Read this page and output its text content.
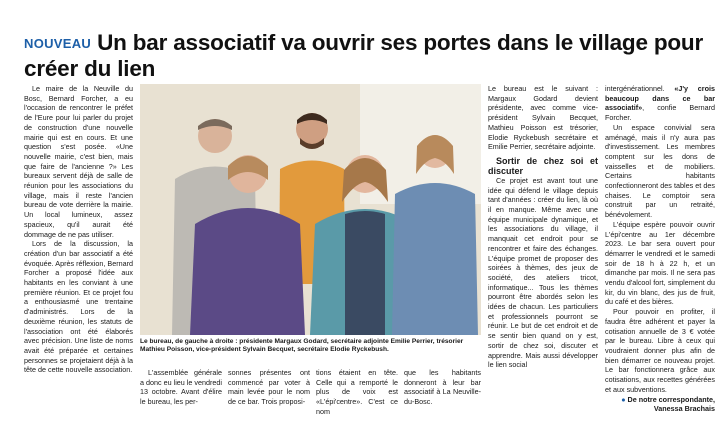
NOUVEAU Un bar associatif va ouvrir ses portes dans le village pour créer du lien

Le maire de la Neuville du Bosc, Bernard Forcher, a eu l'occasion de rencontrer le préfet de l'Eure pour lui parler du projet de construction d'une nouvelle mairie qui est en cours. Et une question s'est posée. «Une nouvelle mairie, c'est bien, mais que faire de l'ancienne ?» Les bureaux servent déjà de salle de réunion pour les associations du village, mais il reste l'ancien bureau de vote derrière la mairie. Un local lumineux, assez spacieux, qu'il aurait été dommage de ne pas utiliser.

Lors de la discussion, la création d'un bar associatif a été évoquée. Après réflexion, Bernard Forcher a proposé l'idée aux habitants en les conviant à une première réunion. Et ce projet fou a enthousiasmé une trentaine d'administrés. Lors de la deuxième réunion, les statuts de l'association ont été élaborés avec précision. Une liste de noms avait été préparée et certaines personnes se projetaient déjà à la tête de cette nouvelle association.

Le bureau, de gauche à droite : présidente Margaux Godard, secrétaire adjointe Emilie Perrier, trésorier Mathieu Poisson, vice-président Sylvain Becquet, secrétaire Elodie Ryckebush.

L'assemblée générale a donc eu lieu le vendredi 13 octobre. Avant d'élire le bureau, les per-

sonnes présentes ont commencé par voter à main levée pour le nom de ce bar. Trois proposi-

tions étaient en tête. Celle qui a remporté le plus de voix est «L'épi'centre». C'est ce nom

que les habitants donneront à leur bar associatif à La Neuville-du-Bosc.

Le bureau est le suivant : Margaux Godard devient présidente, avec comme vice-président Sylvain Becquet, Mathieu Poisson est trésorier, Elodie Ryckebush secrétaire et Emilie Perrier, secrétaire adjointe.

Sortir de chez soi et discuter

Ce projet est avant tout une idée qui défend le village depuis tant d'années : créer du lien, là où il en manque. Même avec une équipe municipale dynamique, et les associations du village, il manquait cet endroit pour se rencontrer et faire des échanges. L'équipe promet de proposer des soirées à thèmes, des jeux de société, des ateliers tricot, informatique... Tous les thèmes pourront être abordés selon les idées de chacun. Les particuliers et professionnels pourront se réunir. Le but de cet endroit et de se sentir bien quand on y est, sortir de chez soi, discuter et apprendre. Mais aussi développer le lien social

intergénérationnel. «J'y crois beaucoup dans ce bar associatif», confie Bernard Forcher.

Un espace convivial sera aménagé, mais il n'y aura pas d'investissement. Les membres comptent sur les dons de vaisselles et de mobiliers. Certains habitants confectionneront des tables et des chaises. Le comptoir sera construit par un retraité, bénévolement.

L'équipe espère pouvoir ouvrir L'épi'centre au 1er décembre 2023. Le bar sera ouvert pour démarrer le vendredi et le samedi soir de 18 h à 22 h, et un dimanche par mois. Il ne sera pas vendu d'alcool fort, simplement du kir, du vin blanc, des jus de fruit, du café et des bières.

Pour pouvoir en profiter, il faudra être adhérent et payer la cotisation annuelle de 3 € votée par le bureau. Libre à ceux qui voudraient donner plus afin de bien démarrer ce nouveau projet. Le bar fonctionnera grâce aux cotisations, aux recettes générées et aux subventions.

● De notre correspondante,
Vanessa Brachais
